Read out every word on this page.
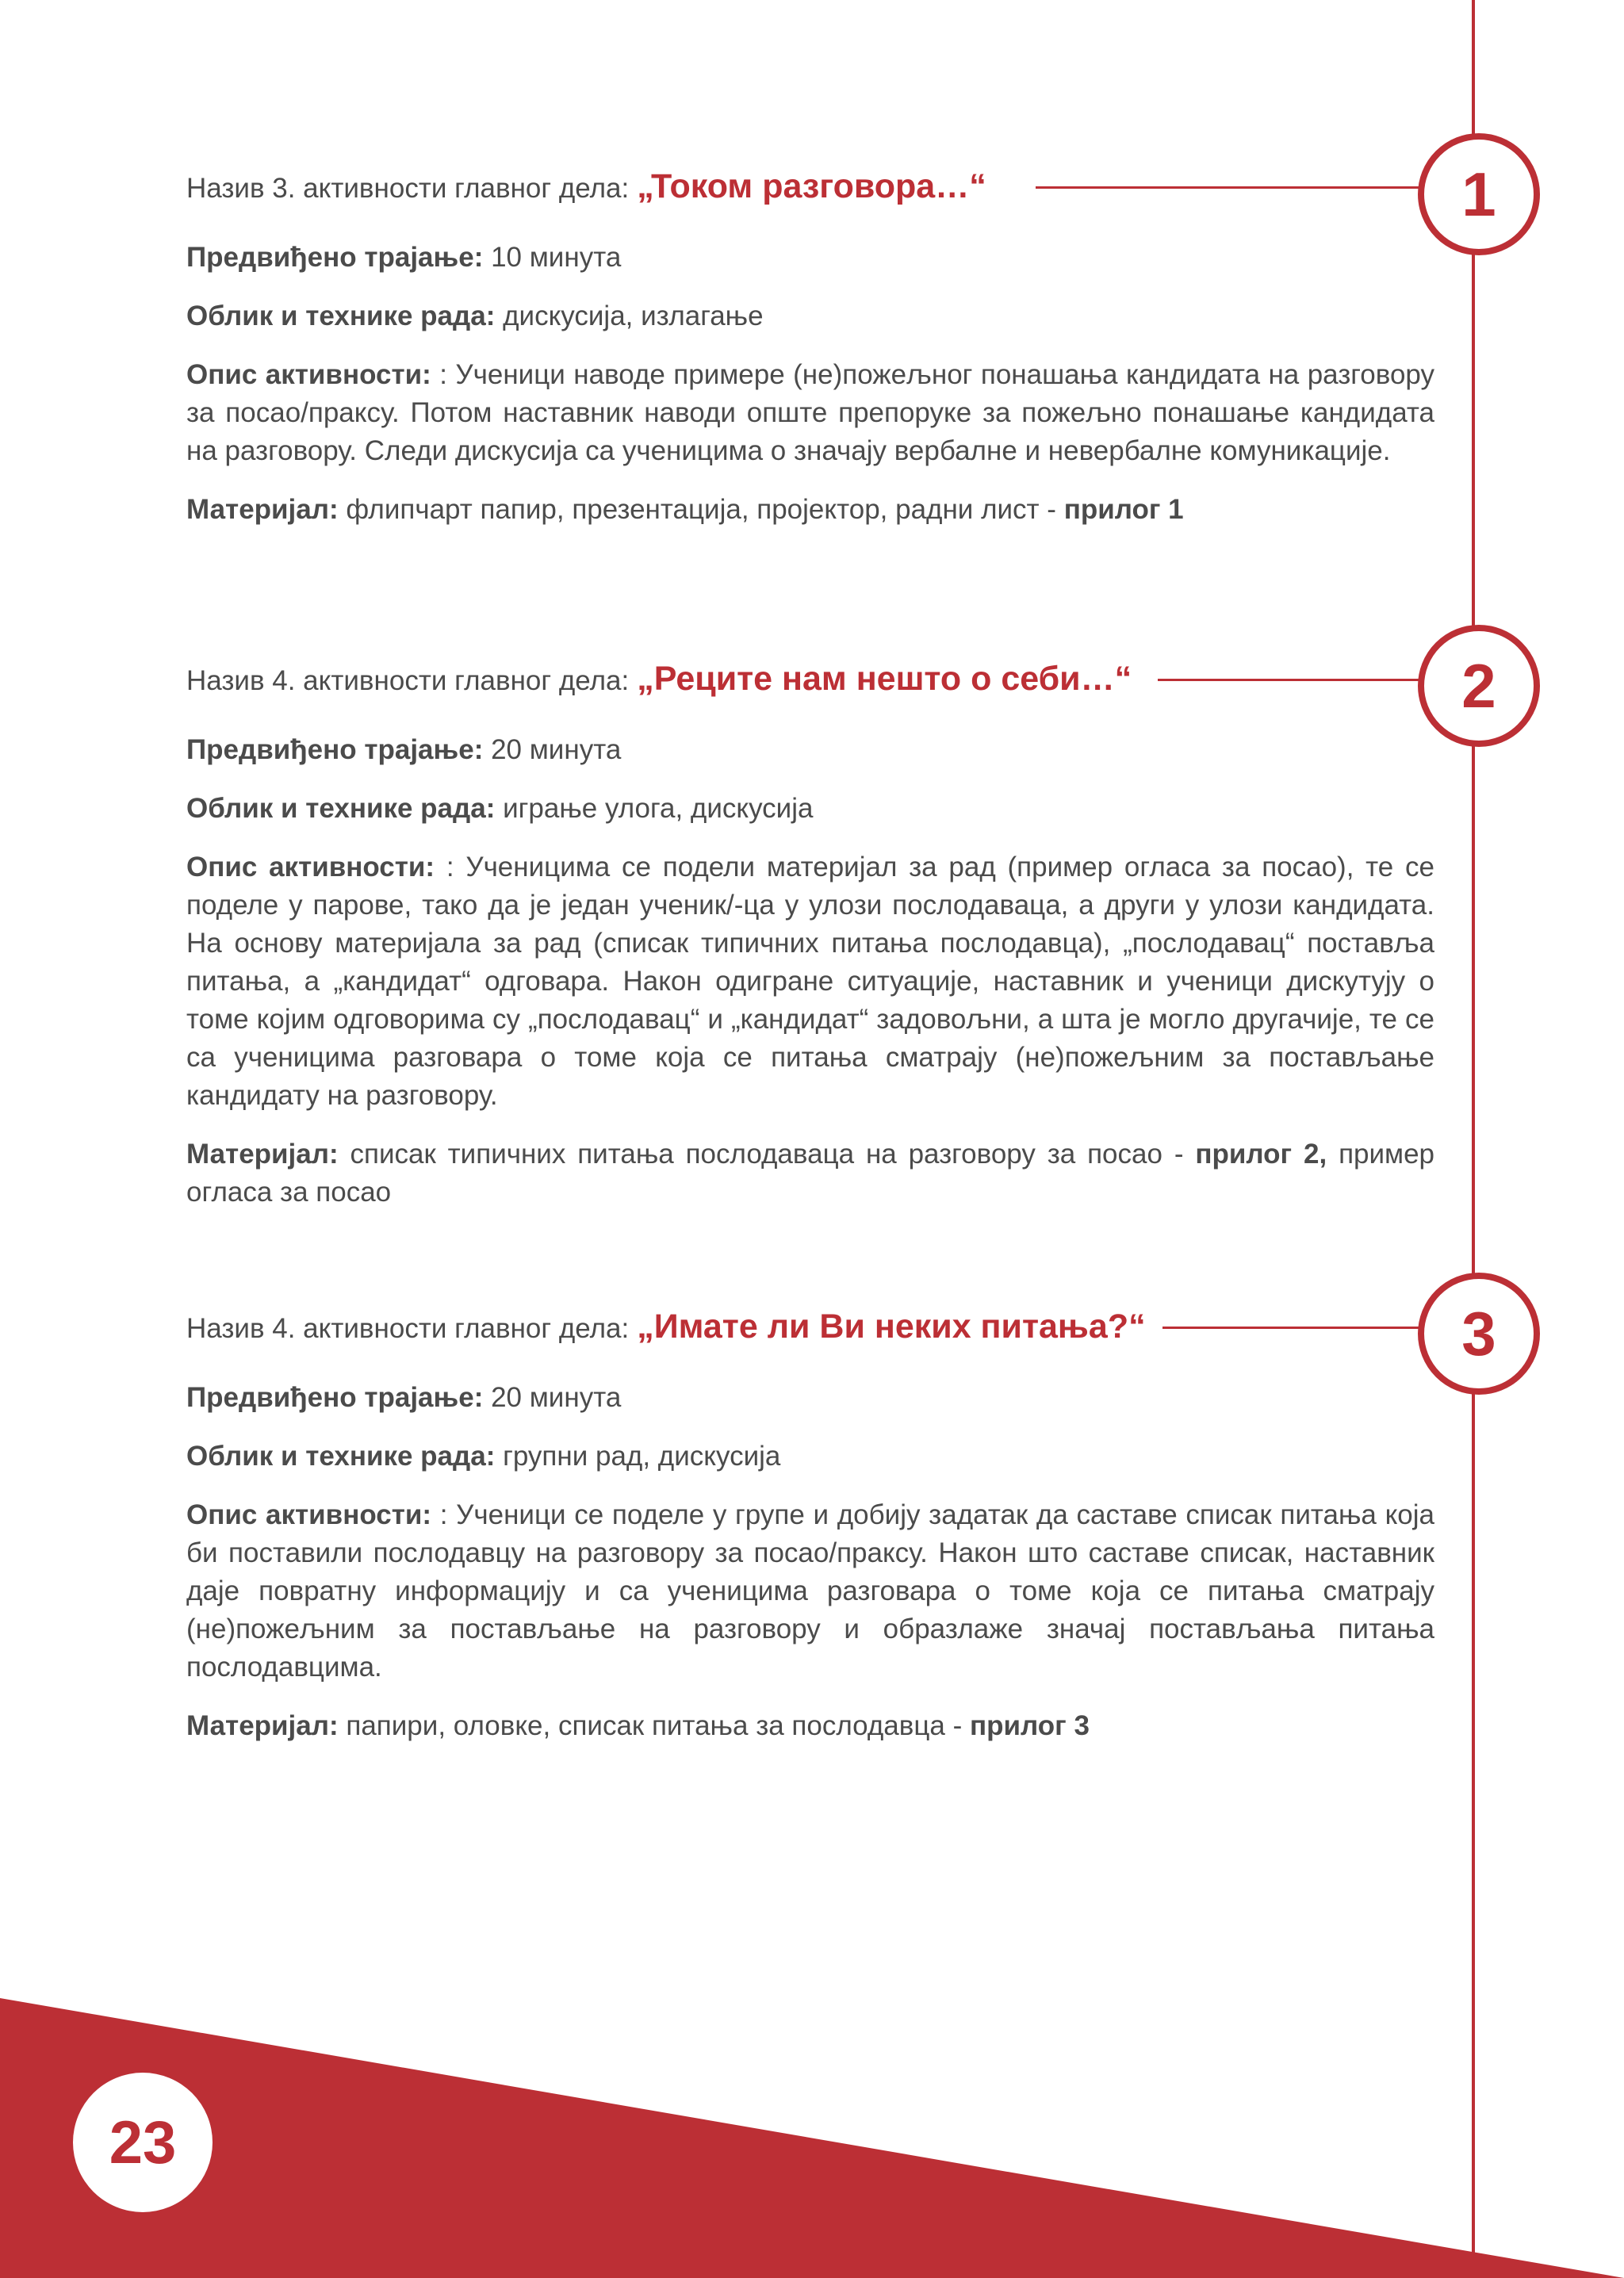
1
2
3

Назив 3. активности главног дела: „Током разговора…“

Предвиђено трајање: 10 минута

Облик и технике рада: дискусија, излагање

Опис активности: : Ученици наводе примере (не)пожељног понашања кандидата на разговору за посао/праксу. Потом наставник наводи опште препоруке за пожељно понашање кандидата на разговору. Следи дискусија са ученицима о значају вербалне и невербалне комуникације.

Материјал: флипчарт папир, презентација, пројектор, радни лист - прилог 1

Назив 4. активности главног дела: „Реците нам нешто о себи…“

Предвиђено трајање: 20 минута

Облик и технике рада: играње улога, дискусија

Опис активности: : Ученицима се подели материјал за рад (пример огласа за посао), те се поделе у парове, тако да је један ученик/-ца у улози послодаваца, а други у улози кандидата. На основу материјала за рад (списак типичних питања послодавца), „послодавац“ поставља питања, а „кандидат“ одговара. Након одигране ситуације, наставник и ученици дискутују о томе којим одговорима су „послодавац“ и „кандидат“ задовољни, а шта је могло другачије, те се са ученицима разговара о томе која се питања сматрају (не)пожељним за постављање кандидату на разговору.

Материјал: списак типичних питања послодаваца на разговору за посао - прилог 2, пример огласа за посао

Назив 4. активности главног дела: „Имате ли Ви неких питања?“

Предвиђено трајање: 20 минута

Облик и технике рада: групни рад, дискусија

Опис активности: : Ученици се поделе у групе и добију задатак да саставе списак питања која би поставили послодавцу на разговору за посао/праксу. Након што саставе списак, наставник даје повратну информацију и са ученицима разговара о томе која се питања сматрају (не)пожељним за постављање на разговору и образлаже значај постављања питања послодавцима.

Материјал: папири, оловке, списак питања за послодавца - прилог 3

23
